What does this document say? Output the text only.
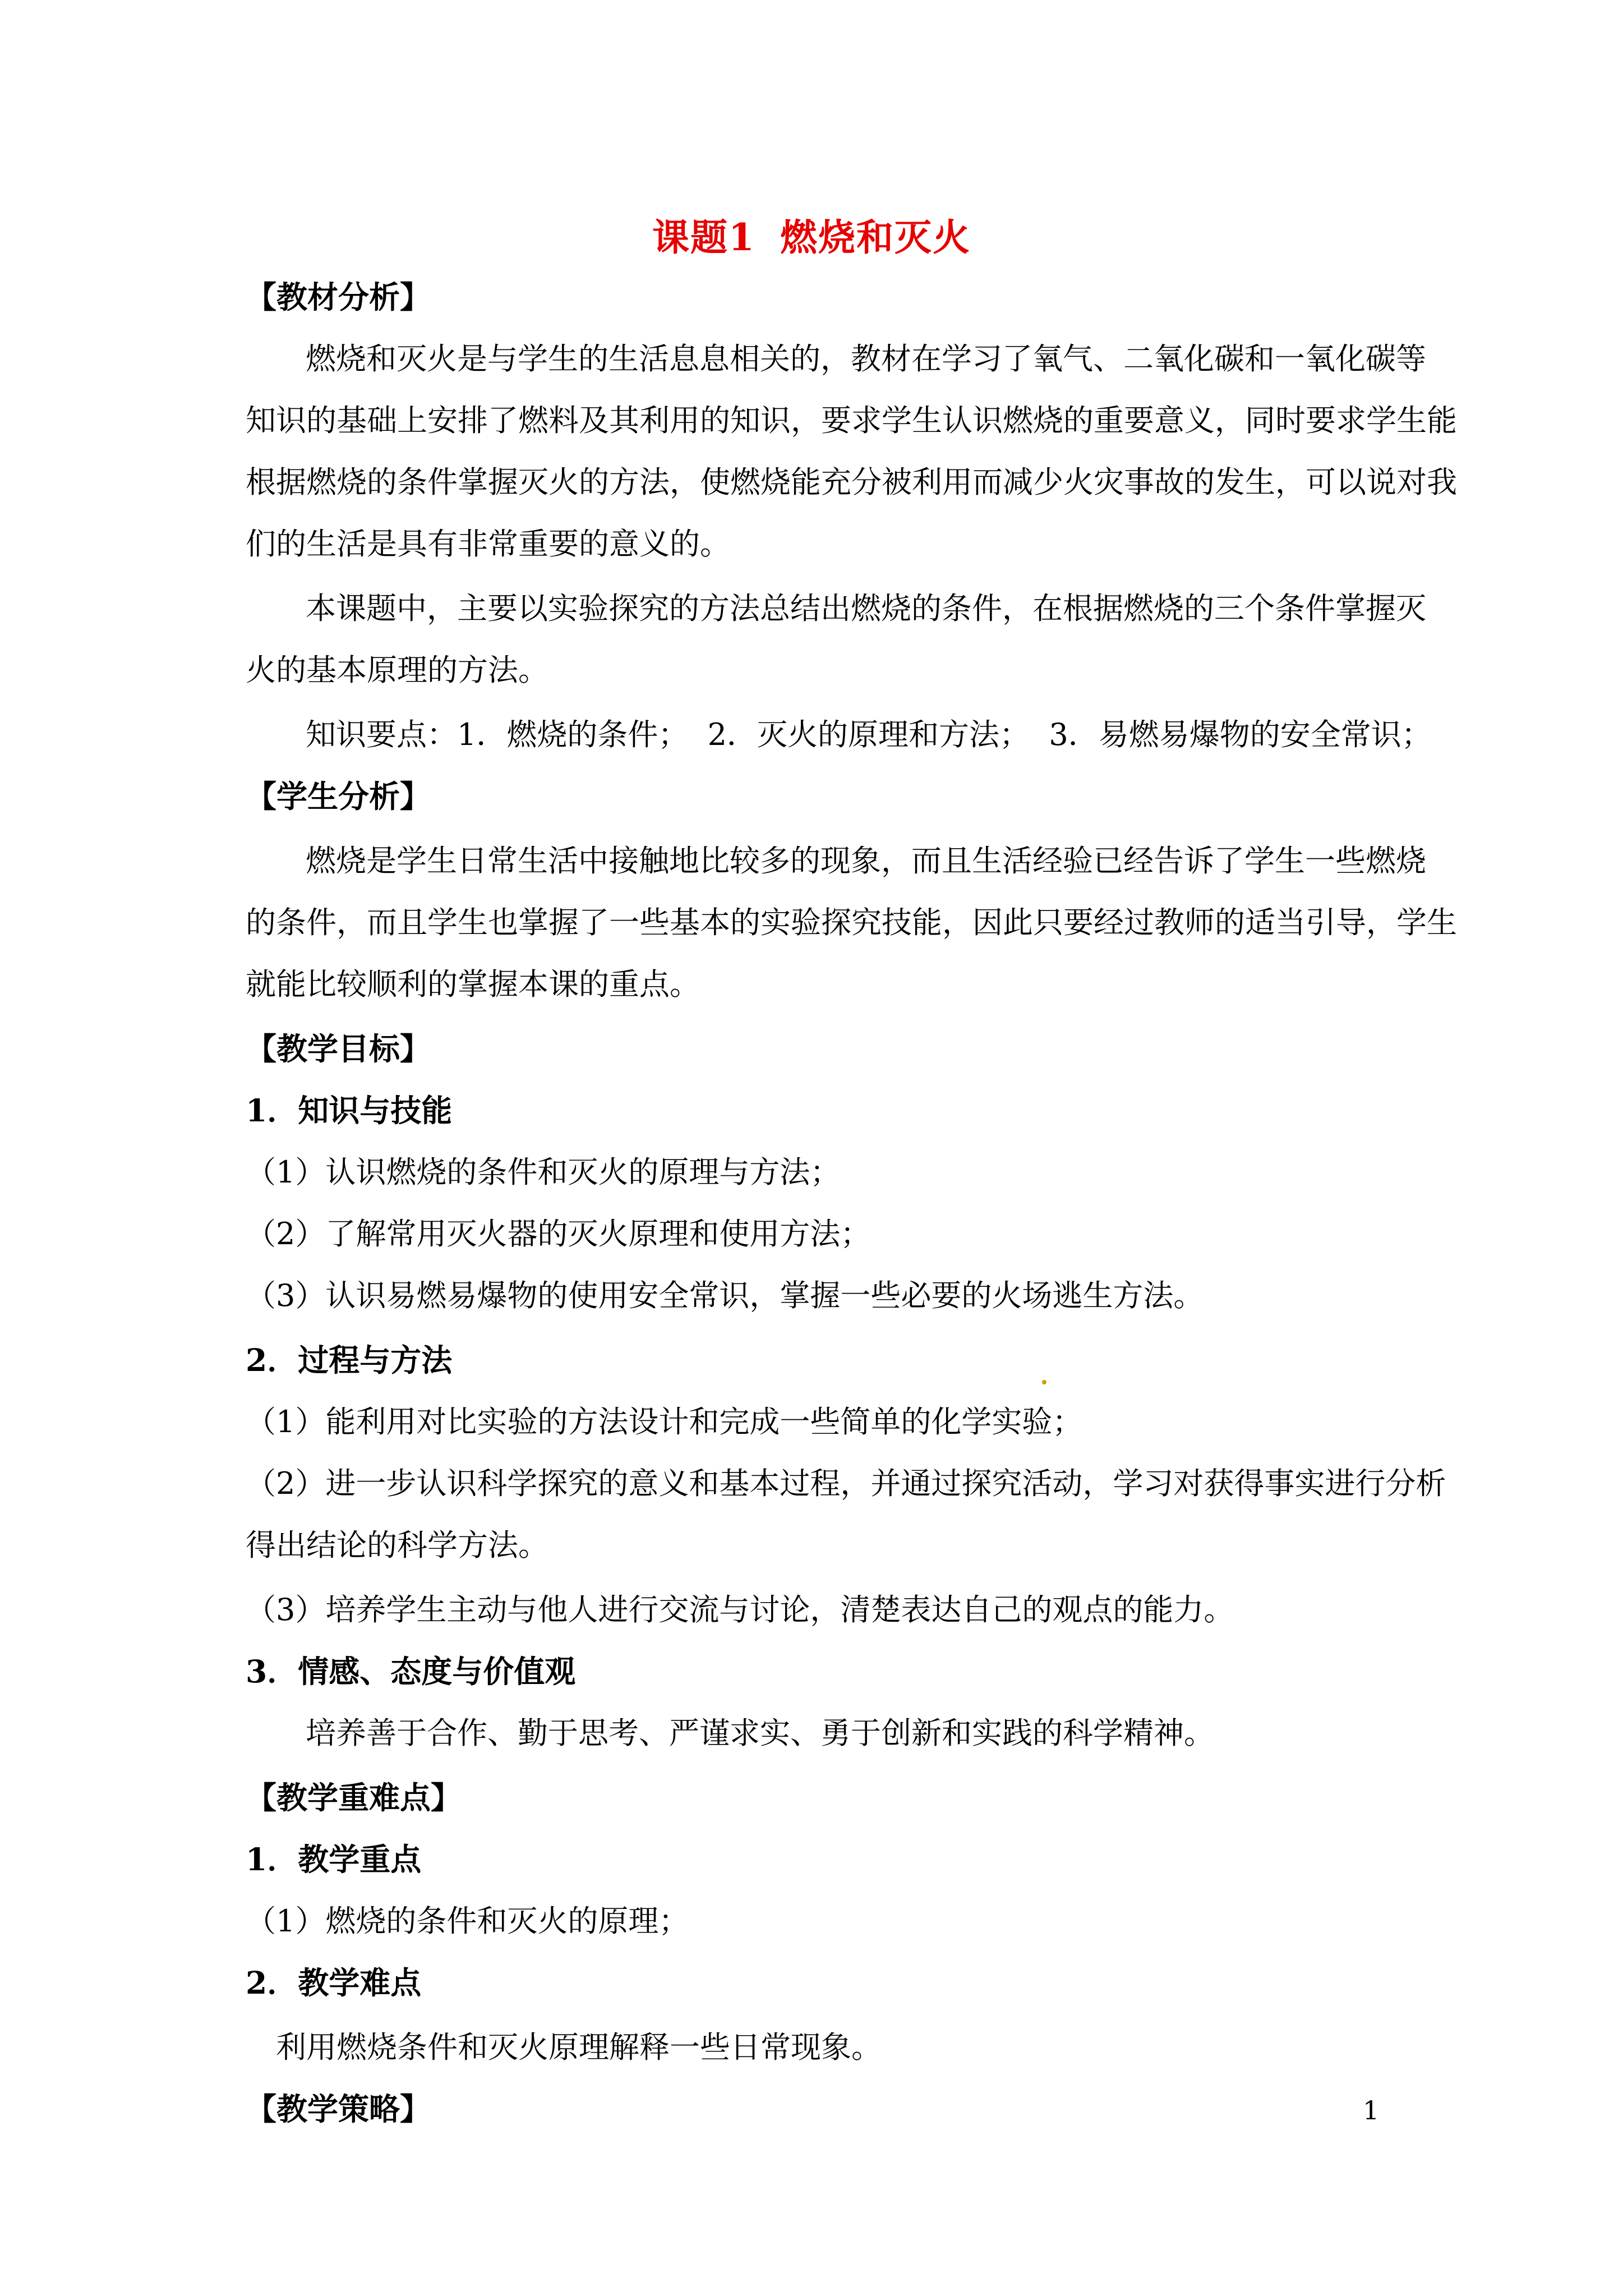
课题1 燃烧和灭火
【教材分析】
燃烧和灭火是与学生的生活息息相关的，教材在学习了氧气、二氧化碳和一氧化碳等
知识的基础上安排了燃料及其利用的知识，要求学生认识燃烧的重要意义，同时要求学生能
根据燃烧的条件掌握灭火的方法，使燃烧能充分被利用而减少火灾事故的发生，可以说对我
们的生活是具有非常重要的意义的。
本课题中，主要以实验探究的方法总结出燃烧的条件，在根据燃烧的三个条件掌握灭
火的基本原理的方法。
知识要点：1．燃烧的条件；  2．灭火的原理和方法；  3．易燃易爆物的安全常识；
【学生分析】
燃烧是学生日常生活中接触地比较多的现象，而且生活经验已经告诉了学生一些燃烧
的条件，而且学生也掌握了一些基本的实验探究技能，因此只要经过教师的适当引导，学生
就能比较顺利的掌握本课的重点。
【教学目标】
1．知识与技能
（1）认识燃烧的条件和灭火的原理与方法；
（2）了解常用灭火器的灭火原理和使用方法；
（3）认识易燃易爆物的使用安全常识，掌握一些必要的火场逃生方法。
2．过程与方法
（1）能利用对比实验的方法设计和完成一些简单的化学实验；
（2）进一步认识科学探究的意义和基本过程，并通过探究活动，学习对获得事实进行分析
得出结论的科学方法。
（3）培养学生主动与他人进行交流与讨论，清楚表达自己的观点的能力。
3．情感、态度与价值观
培养善于合作、勤于思考、严谨求实、勇于创新和实践的科学精神。
【教学重难点】
1．教学重点
（1）燃烧的条件和灭火的原理；
2．教学难点
利用燃烧条件和灭火原理解释一些日常现象。
【教学策略】	1
